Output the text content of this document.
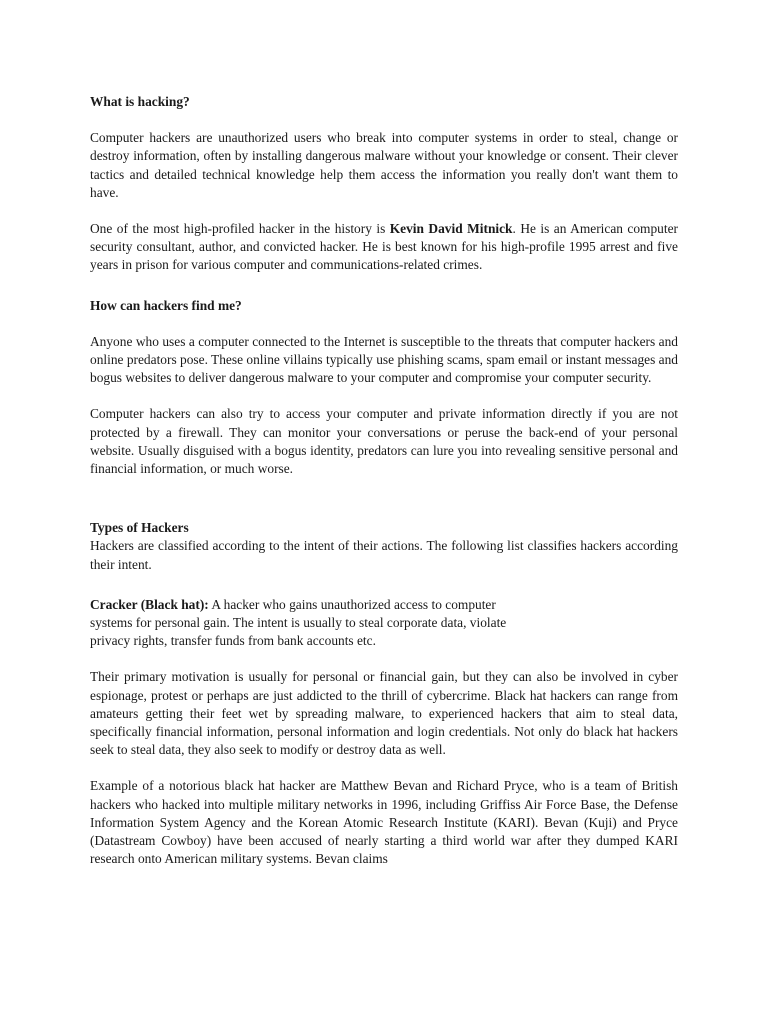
What is hacking?

Computer hackers are unauthorized users who break into computer systems in order to steal, change or destroy information, often by installing dangerous malware without your knowledge or consent. Their clever tactics and detailed technical knowledge help them access the information you really don't want them to have.

One of the most high-profiled hacker in the history is Kevin David Mitnick. He is an American computer security consultant, author, and convicted hacker. He is best known for his high-profile 1995 arrest and five years in prison for various computer and communications-related crimes.

How can hackers find me?

Anyone who uses a computer connected to the Internet is susceptible to the threats that computer hackers and online predators pose. These online villains typically use phishing scams, spam email or instant messages and bogus websites to deliver dangerous malware to your computer and compromise your computer security.

Computer hackers can also try to access your computer and private information directly if you are not protected by a firewall. They can monitor your conversations or peruse the back-end of your personal website. Usually disguised with a bogus identity, predators can lure you into revealing sensitive personal and financial information, or much worse.

Types of Hackers

Hackers are classified according to the intent of their actions. The following list classifies hackers according their intent.

Cracker (Black hat): A hacker who gains unauthorized access to computer
systems for personal gain. The intent is usually to steal corporate data, violate
privacy rights, transfer funds from bank accounts etc.

Their primary motivation is usually for personal or financial gain, but they can also be involved in cyber espionage, protest or perhaps are just addicted to the thrill of cybercrime. Black hat hackers can range from amateurs getting their feet wet by spreading malware, to experienced hackers that aim to steal data, specifically financial information, personal information and login credentials. Not only do black hat hackers seek to steal data, they also seek to modify or destroy data as well.

Example of a notorious black hat hacker are Matthew Bevan and Richard Pryce, who is a team of British hackers who hacked into multiple military networks in 1996, including Griffiss Air Force Base, the Defense Information System Agency and the Korean Atomic Research Institute (KARI). Bevan (Kuji) and Pryce (Datastream Cowboy) have been accused of nearly starting a third world war after they dumped KARI research onto American military systems. Bevan claims
